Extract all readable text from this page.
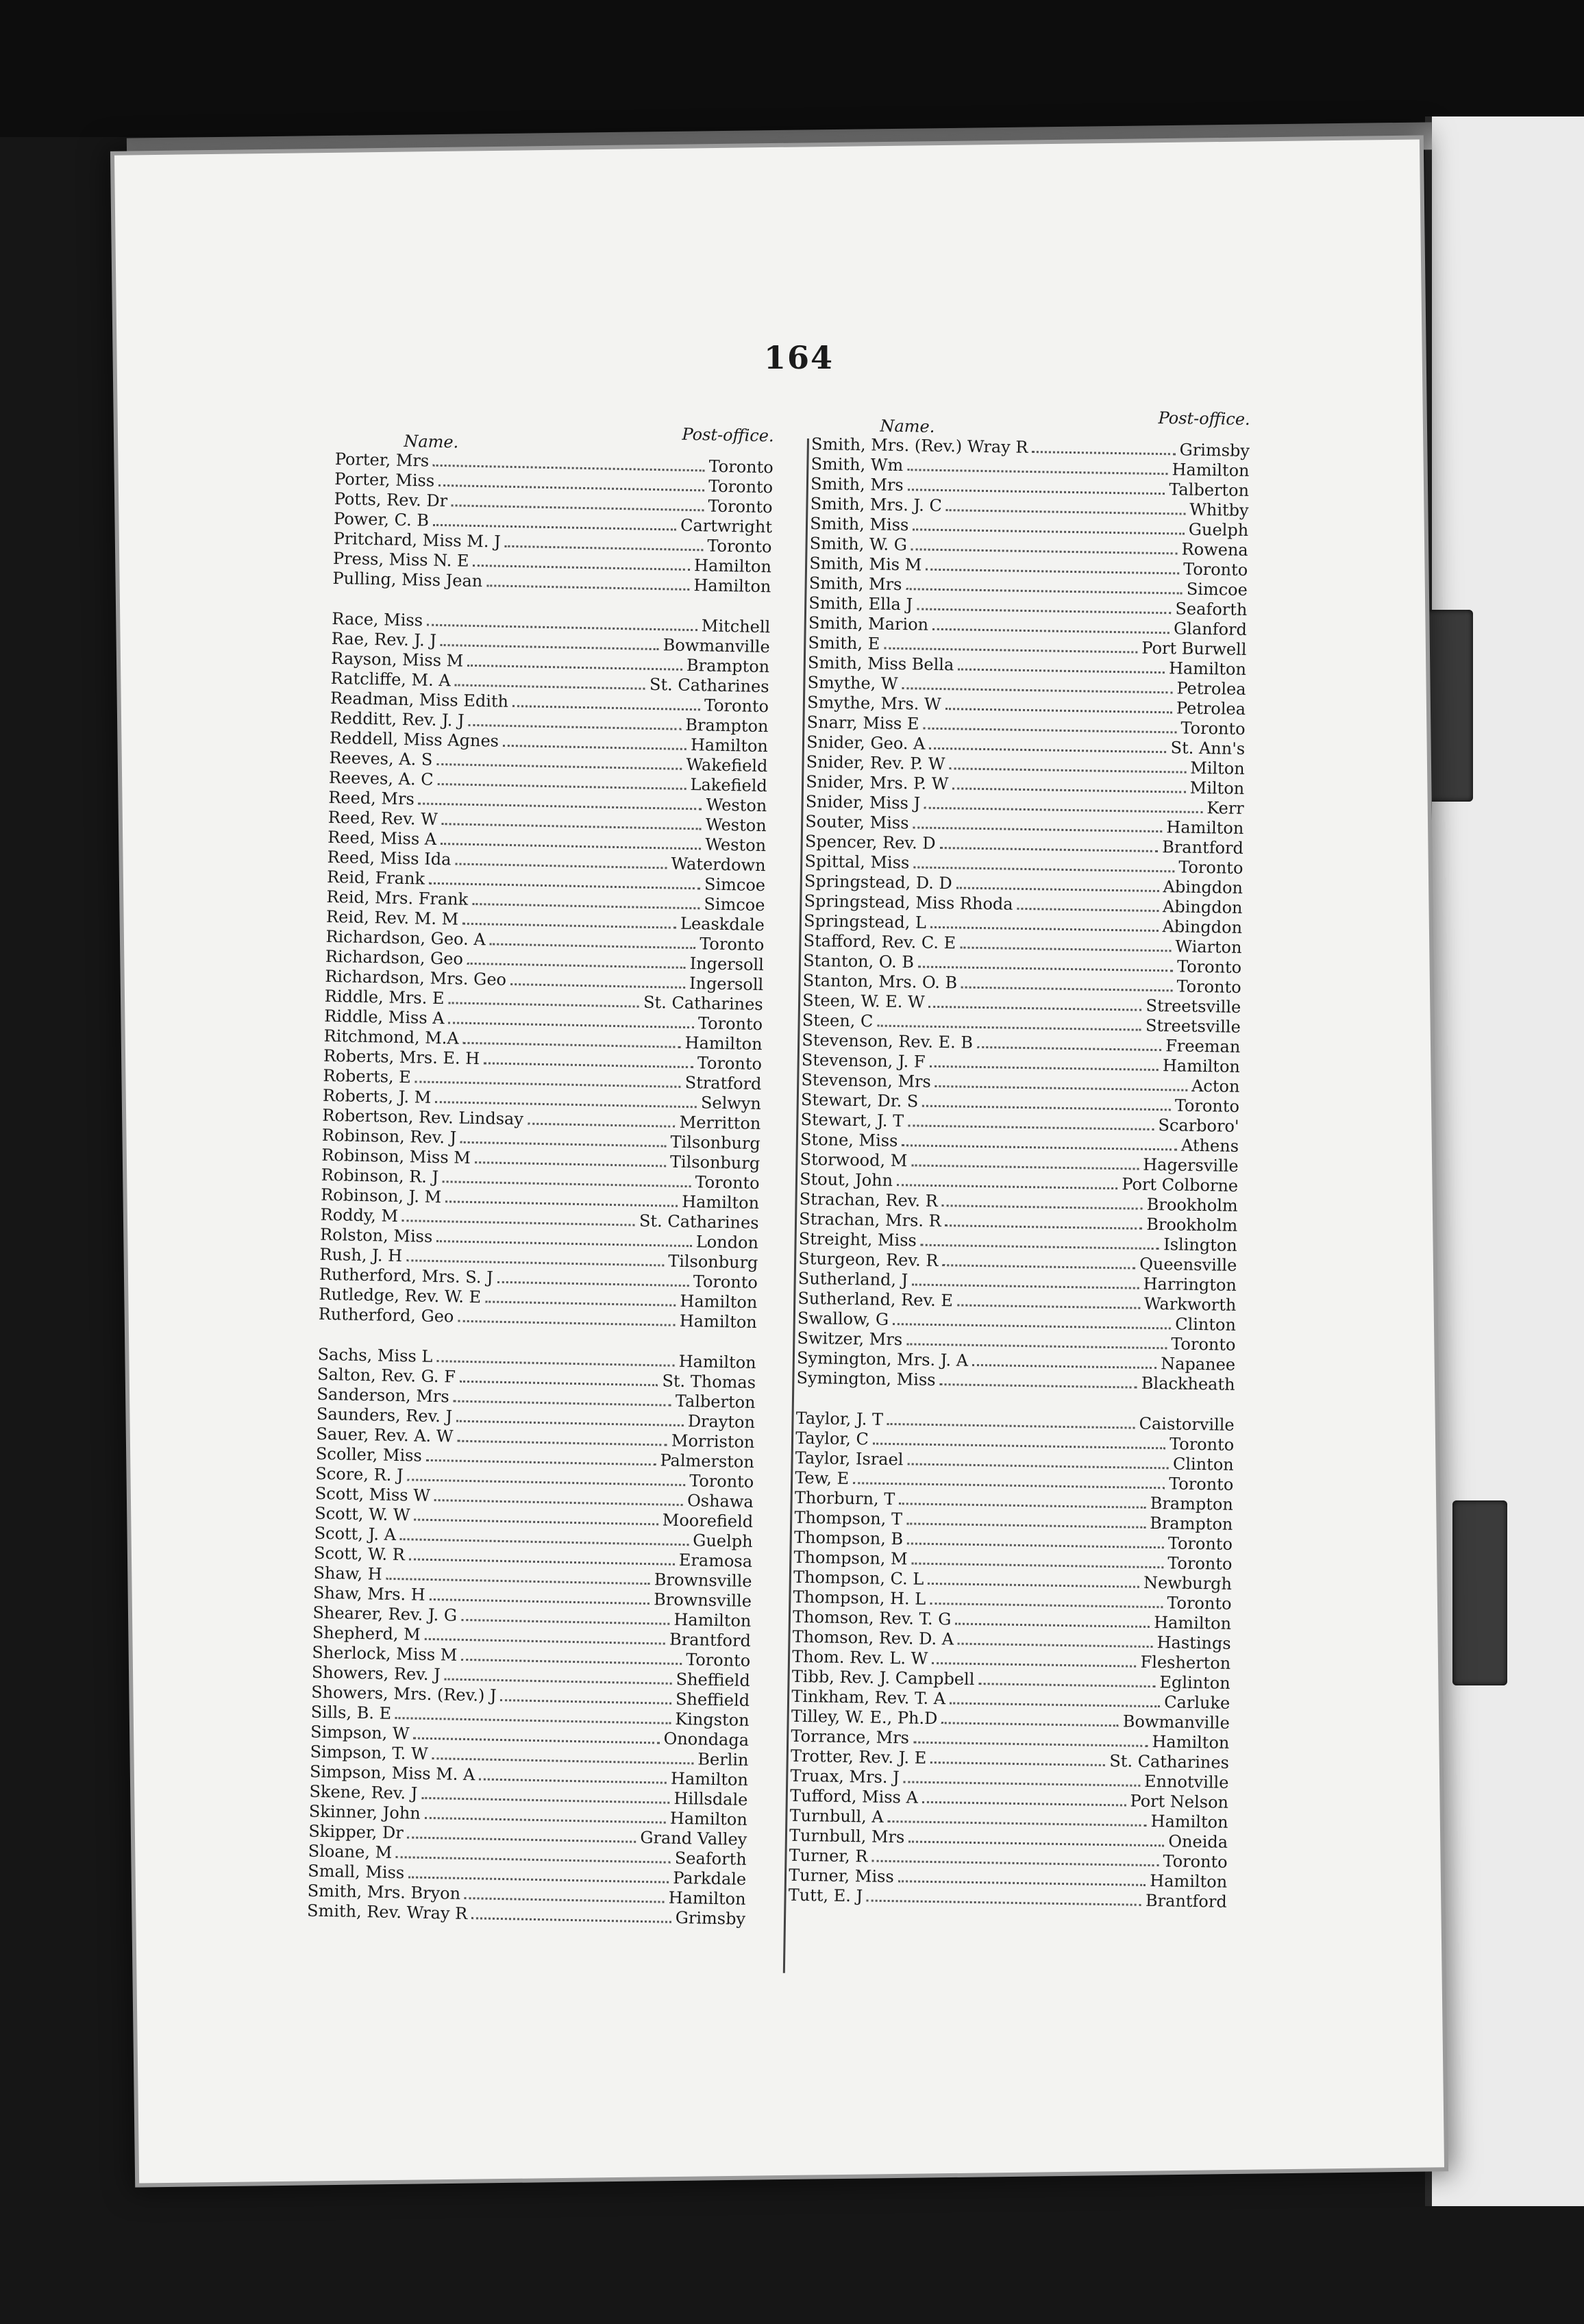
164
Name.	Post-office.
Porter, Mrs	Toronto
Porter, Miss	Toronto
Potts, Rev. Dr	Toronto
Power, C. B	Cartwright
Pritchard, Miss M. J	Toronto
Press, Miss N. E	Hamilton
Pulling, Miss Jean	Hamilton
Race, Miss	Mitchell
Rae, Rev. J. J	Bowmanville
Rayson, Miss M	Brampton
Ratcliffe, M. A	St. Catharines
Readman, Miss Edith	Toronto
Redditt, Rev. J. J	Brampton
Reddell, Miss Agnes	Hamilton
Reeves, A. S	Wakefield
Reeves, A. C	Lakefield
Reed, Mrs	Weston
Reed, Rev. W	Weston
Reed, Miss A	Weston
Reed, Miss Ida	Waterdown
Reid, Frank	Simcoe
Reid, Mrs. Frank	Simcoe
Reid, Rev. M. M	Leaskdale
Richardson, Geo. A	Toronto
Richardson, Geo	Ingersoll
Richardson, Mrs. Geo	Ingersoll
Riddle, Mrs. E	St. Catharines
Riddle, Miss A	Toronto
Ritchmond, M.A	Hamilton
Roberts, Mrs. E. H	Toronto
Roberts, E	Stratford
Roberts, J. M	Selwyn
Robertson, Rev. Lindsay	Merritton
Robinson, Rev. J	Tilsonburg
Robinson, Miss M	Tilsonburg
Robinson, R. J	Toronto
Robinson, J. M	Hamilton
Roddy, M	St. Catharines
Rolston, Miss	London
Rush, J. H	Tilsonburg
Rutherford, Mrs. S. J	Toronto
Rutledge, Rev. W. E	Hamilton
Rutherford, Geo	Hamilton
Sachs, Miss L	Hamilton
Salton, Rev. G. F	St. Thomas
Sanderson, Mrs	Talberton
Saunders, Rev. J	Drayton
Sauer, Rev. A. W	Morriston
Scoller, Miss	Palmerston
Score, R. J	Toronto
Scott, Miss W	Oshawa
Scott, W. W	Moorefield
Scott, J. A	Guelph
Scott, W. R	Eramosa
Shaw, H	Brownsville
Shaw, Mrs. H	Brownsville
Shearer, Rev. J. G	Hamilton
Shepherd, M	Brantford
Sherlock, Miss M	Toronto
Showers, Rev. J	Sheffield
Showers, Mrs. (Rev.) J	Sheffield
Sills, B. E	Kingston
Simpson, W	Onondaga
Simpson, T. W	Berlin
Simpson, Miss M. A	Hamilton
Skene, Rev. J	Hillsdale
Skinner, John	Hamilton
Skipper, Dr	Grand Valley
Sloane, M	Seaforth
Small, Miss	Parkdale
Smith, Mrs. Bryon	Hamilton
Smith, Rev. Wray R	Grimsby
Name.	Post-office.
Smith, Mrs. (Rev.) Wray R	Grimsby
Smith, Wm	Hamilton
Smith, Mrs	Talberton
Smith, Mrs. J. C	Whitby
Smith, Miss	Guelph
Smith, W. G	Rowena
Smith, Mis M	Toronto
Smith, Mrs	Simcoe
Smith, Ella J	Seaforth
Smith, Marion	Glanford
Smith, E	Port Burwell
Smith, Miss Bella	Hamilton
Smythe, W	Petrolea
Smythe, Mrs. W	Petrolea
Snarr, Miss E	Toronto
Snider, Geo. A	St. Ann's
Snider, Rev. P. W	Milton
Snider, Mrs. P. W	Milton
Snider, Miss J	Kerr
Souter, Miss	Hamilton
Spencer, Rev. D	Brantford
Spittal, Miss	Toronto
Springstead, D. D	Abingdon
Springstead, Miss Rhoda	Abingdon
Springstead, L	Abingdon
Stafford, Rev. C. E	Wiarton
Stanton, O. B	Toronto
Stanton, Mrs. O. B	Toronto
Steen, W. E. W	Streetsville
Steen, C	Streetsville
Stevenson, Rev. E. B	Freeman
Stevenson, J. F	Hamilton
Stevenson, Mrs	Acton
Stewart, Dr. S	Toronto
Stewart, J. T	Scarboro'
Stone, Miss	Athens
Storwood, M	Hagersville
Stout, John	Port Colborne
Strachan, Rev. R	Brookholm
Strachan, Mrs. R	Brookholm
Streight, Miss	Islington
Sturgeon, Rev. R	Queensville
Sutherland, J	Harrington
Sutherland, Rev. E	Warkworth
Swallow, G	Clinton
Switzer, Mrs	Toronto
Symington, Mrs. J. A	Napanee
Symington, Miss	Blackheath
Taylor, J. T	Caistorville
Taylor, C	Toronto
Taylor, Israel	Clinton
Tew, E	Toronto
Thorburn, T	Brampton
Thompson, T	Brampton
Thompson, B	Toronto
Thompson, M	Toronto
Thompson, C. L	Newburgh
Thompson, H. L	Toronto
Thomson, Rev. T. G	Hamilton
Thomson, Rev. D. A	Hastings
Thom. Rev. L. W	Flesherton
Tibb, Rev. J. Campbell	Eglinton
Tinkham, Rev. T. A	Carluke
Tilley, W. E., Ph.D	Bowmanville
Torrance, Mrs	Hamilton
Trotter, Rev. J. E	St. Catharines
Truax, Mrs. J	Ennotville
Tufford, Miss A	Port Nelson
Turnbull, A	Hamilton
Turnbull, Mrs	Oneida
Turner, R	Toronto
Turner, Miss	Hamilton
Tutt, E. J	Brantford
